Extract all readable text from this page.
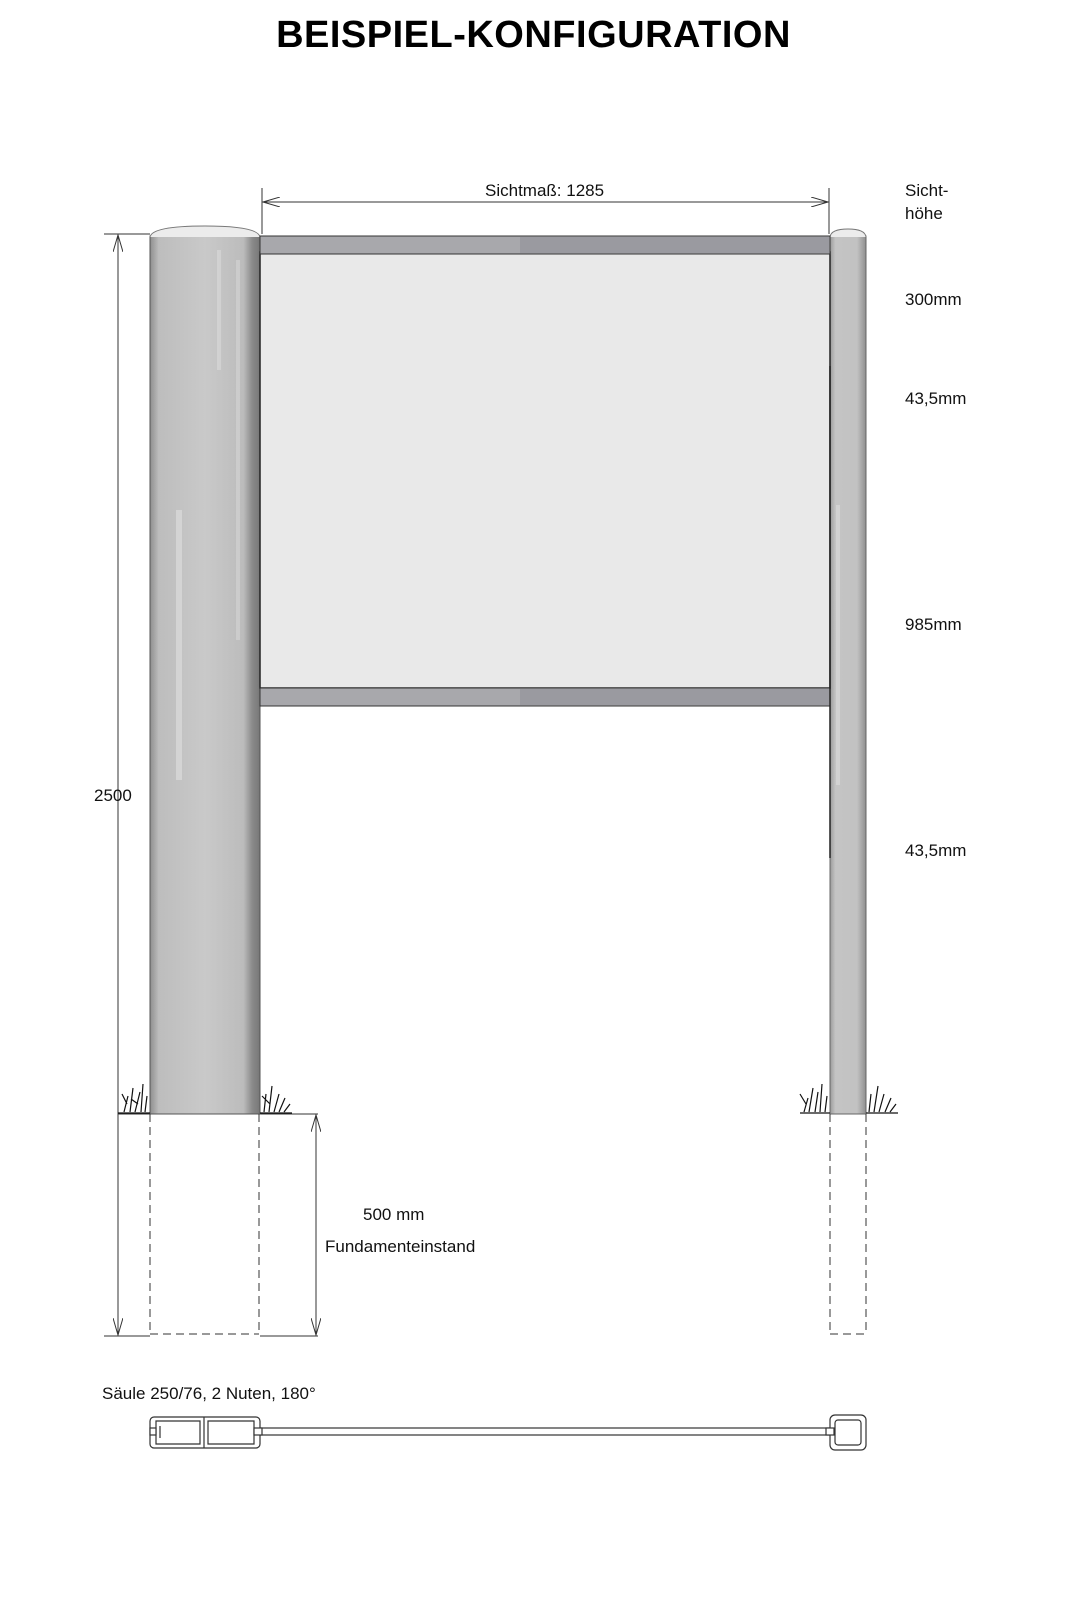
BEISPIEL-KONFIGURATION
Sichtmaß: 1285	Sicht-
höhe
300mm
43,5mm
985mm
43,5mm
2500
500 mm
Fundamenteinstand
Säule 250/76, 2 Nuten, 180°
